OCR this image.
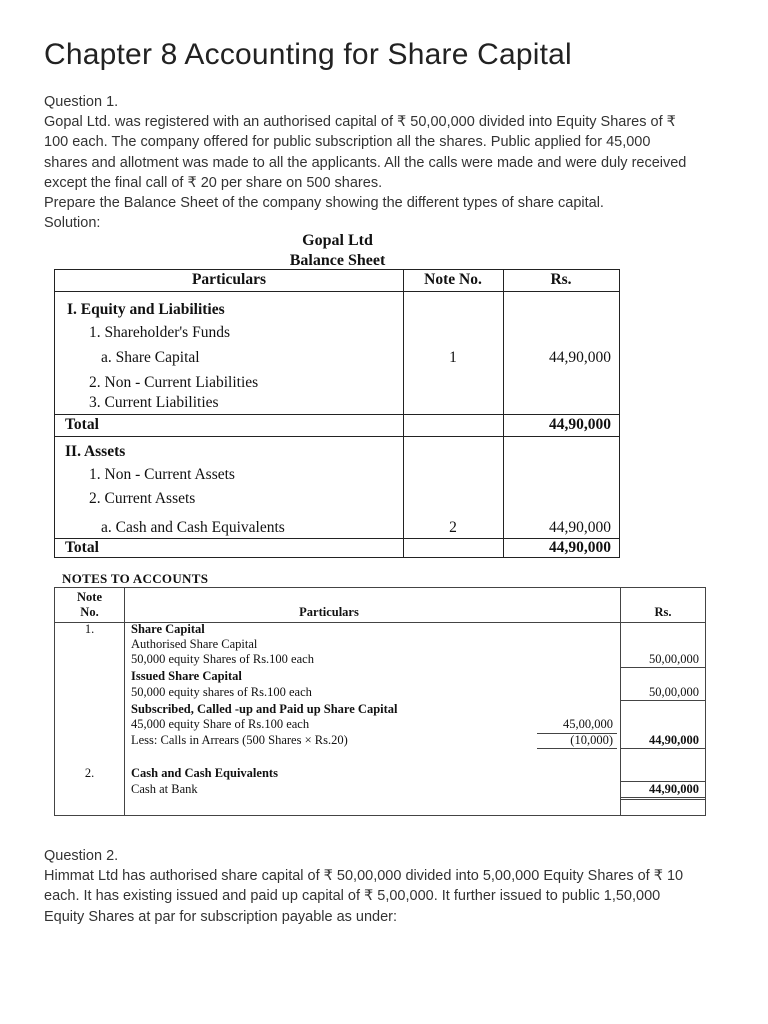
Chapter 8 Accounting for Share Capital

Question 1.

Gopal Ltd. was registered with an authorised capital of ₹ 50,00,000 divided into Equity Shares of ₹

100 each. The company offered for public subscription all the shares. Public applied for 45,000

shares and allotment was made to all the applicants. All the calls were made and were duly received

except the final call of ₹ 20 per share on 500 shares.

Prepare the Balance Sheet of the company showing the different types of share capital.

Solution:

Gopal Ltd
Balance Sheet
Particulars	Note No.	Rs.
I. Equity and Liabilities
1. Shareholder's Funds
a. Share Capital	1	44,90,000
2. Non - Current Liabilities
3. Current Liabilities
Total	44,90,000
II. Assets
1. Non - Current Assets
2. Current Assets
a. Cash and Cash Equivalents	2	44,90,000
Total	44,90,000
NOTES TO ACCOUNTS
Note
No.	Particulars	Rs.
1.	Share Capital
Authorised Share Capital
50,000 equity Shares of Rs.100 each	50,00,000
Issued Share Capital
50,000 equity shares of Rs.100 each	50,00,000
Subscribed, Called -up and Paid up Share Capital
45,000 equity Share of Rs.100 each	45,00,000
Less: Calls in Arrears (500 Shares × Rs.20)	(10,000)	44,90,000
2.	Cash and Cash Equivalents
Cash at Bank	44,90,000

Question 2.

Himmat Ltd has authorised share capital of ₹ 50,00,000 divided into 5,00,000 Equity Shares of ₹ 10

each. It has existing issued and paid up capital of ₹ 5,00,000. It further issued to public 1,50,000

Equity Shares at par for subscription payable as under:
